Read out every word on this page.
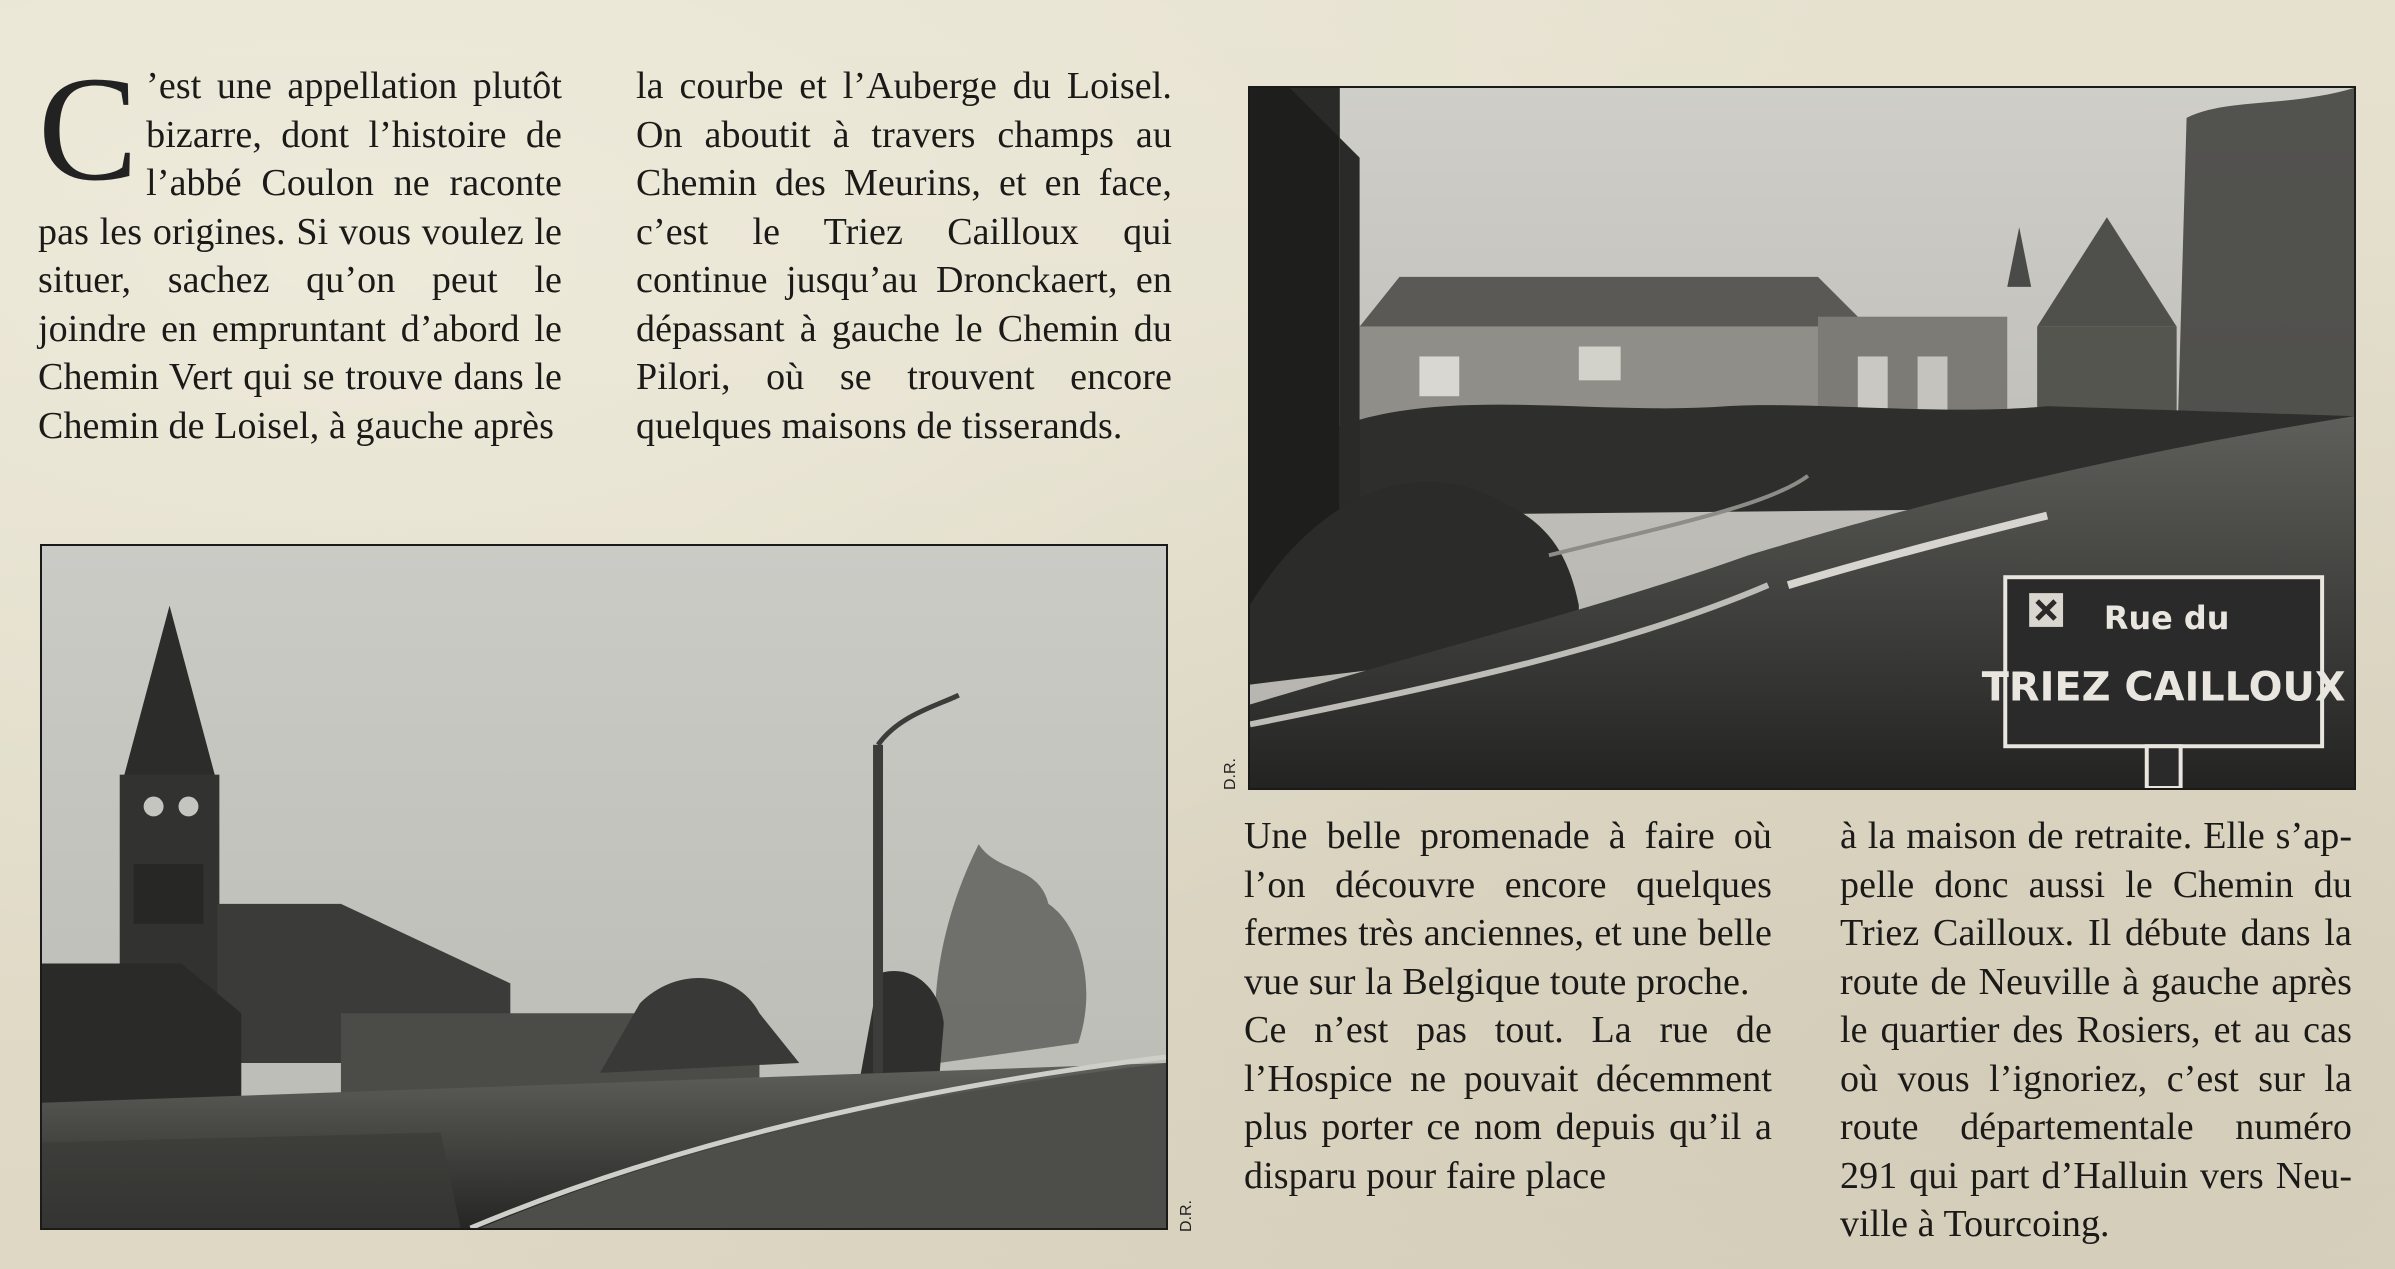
C ’est une appellation plutôt bizarre, dont l’histoire de l’abbé Coulon ne raconte pas les origines. Si vous voulez le situer, sachez qu’on peut le joindre en empruntant d’abord le Chemin Vert qui se trouve dans le Chemin de Loisel, à gauche après

la courbe et l’Auberge du Loisel. On aboutit à travers champs au Chemin des Meurins, et en face, c’est le Triez Cailloux qui continue jusqu’au Dronckaert, en dépassant à gauche le Chemin du Pilori, où se trouvent encore quelques maisons de tisserands.

Rue du
TRIEZ CAILLOUX
D.R.
D.R.

Une belle promenade à faire où l’on découvre encore quelques fermes très anciennes, et une belle vue sur la Belgique toute proche.

Ce n’est pas tout. La rue de l’Hospice ne pouvait décemment plus porter ce nom depuis qu’il a disparu pour faire place

à la maison de retraite. Elle s’appelle donc aussi le Chemin du Triez Cailloux. Il débute dans la route de Neuville à gauche après le quartier des Rosiers, et au cas où vous l’ignoriez, c’est sur la route départementale numéro 291 qui part d’Halluin vers Neuville à Tourcoing.
